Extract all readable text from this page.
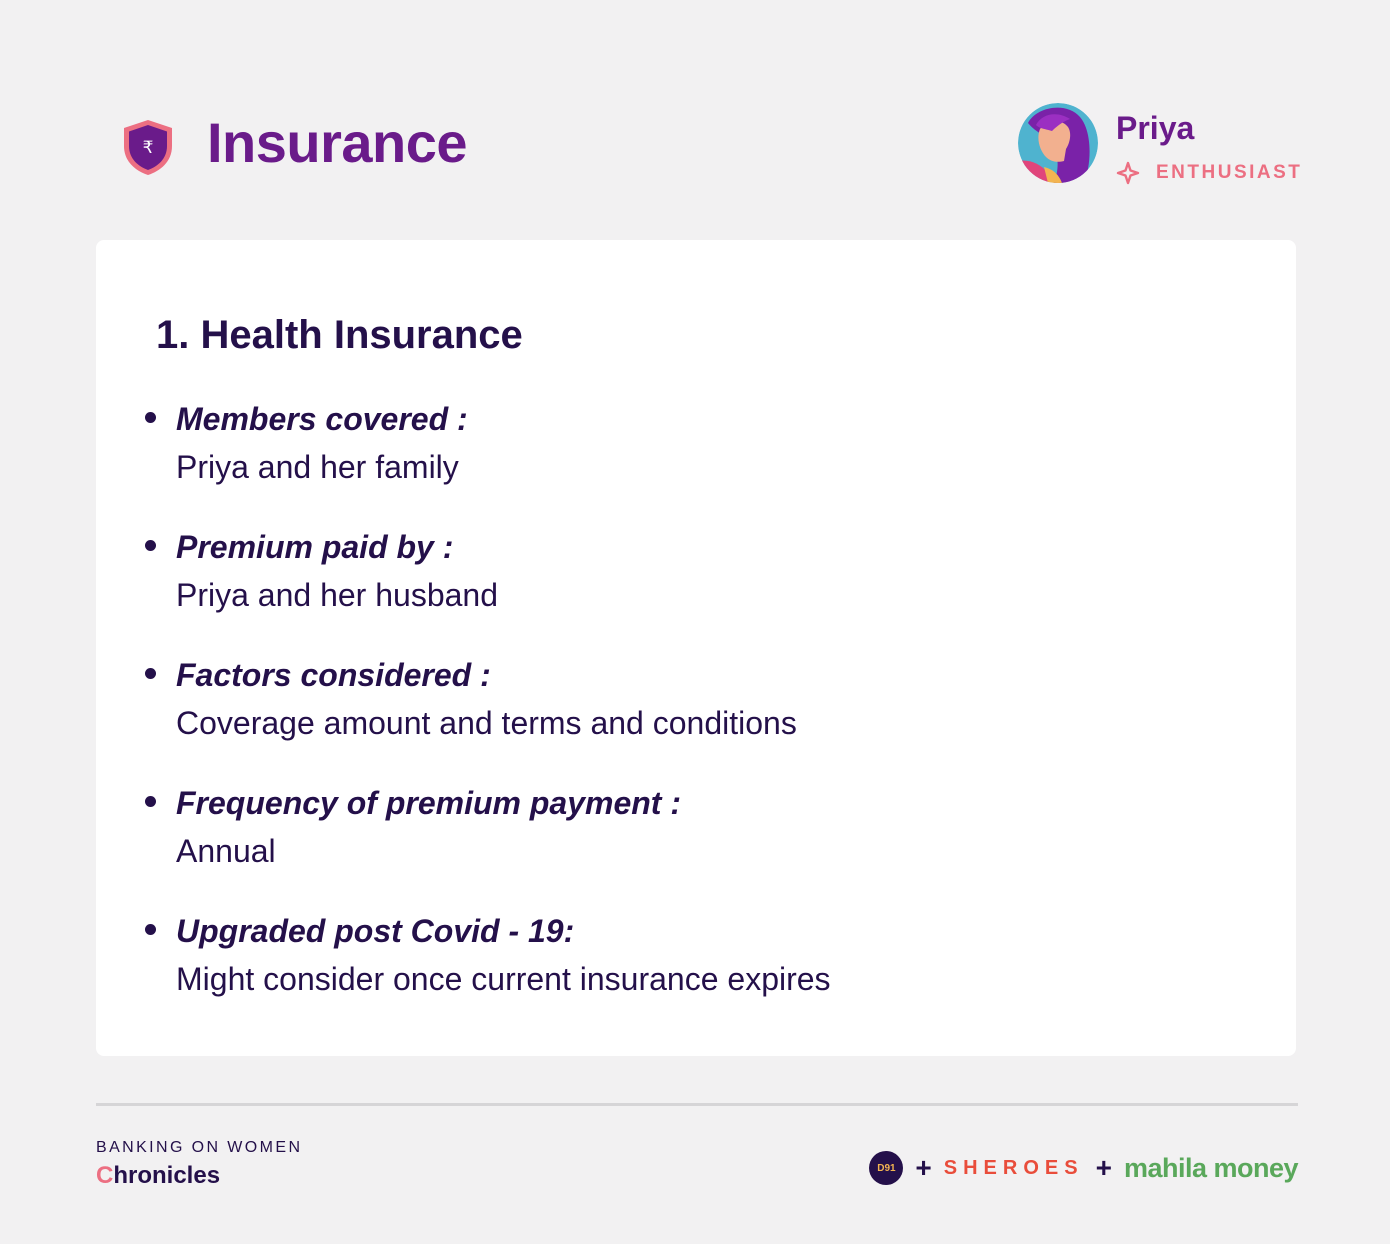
₹ Insurance	Priya
ENTHUSIAST
1. Health Insurance
Members covered :
Priya and her family
Premium paid by :
Priya and her husband
Factors considered :
Coverage amount and terms and conditions
Frequency of premium payment :
Annual
Upgraded post Covid - 19:
Might consider once current insurance expires
BANKING ON WOMEN
Chronicles	D91 + SHEROES + mahila money
